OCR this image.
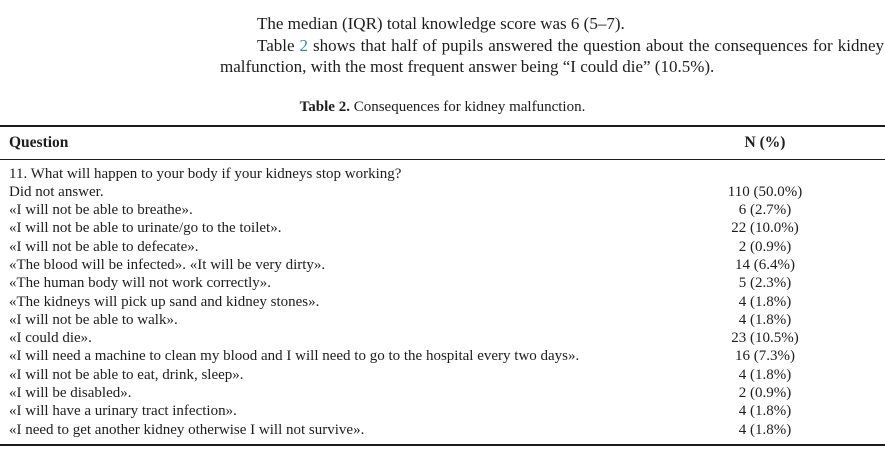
The median (IQR) total knowledge score was 6 (5–7).

Table 2 shows that half of pupils answered the question about the consequences for kidney malfunction, with the most frequent answer being “I could die” (10.5%).

Table 2. Consequences for kidney malfunction.

Question	N (%)
11. What will happen to your body if your kidneys stop working?	
Did not answer.	110 (50.0%)
«I will not be able to breathe».	6 (2.7%)
«I will not be able to urinate/go to the toilet».	22 (10.0%)
«I will not be able to defecate».	2 (0.9%)
«The blood will be infected». «It will be very dirty».	14 (6.4%)
«The human body will not work correctly».	5 (2.3%)
«The kidneys will pick up sand and kidney stones».	4 (1.8%)
«I will not be able to walk».	4 (1.8%)
«I could die».	23 (10.5%)
«I will need a machine to clean my blood and I will need to go to the hospital every two days».	16 (7.3%)
«I will not be able to eat, drink, sleep».	4 (1.8%)
«I will be disabled».	2 (0.9%)
«I will have a urinary tract infection».	4 (1.8%)
«I need to get another kidney otherwise I will not survive».	4 (1.8%)
